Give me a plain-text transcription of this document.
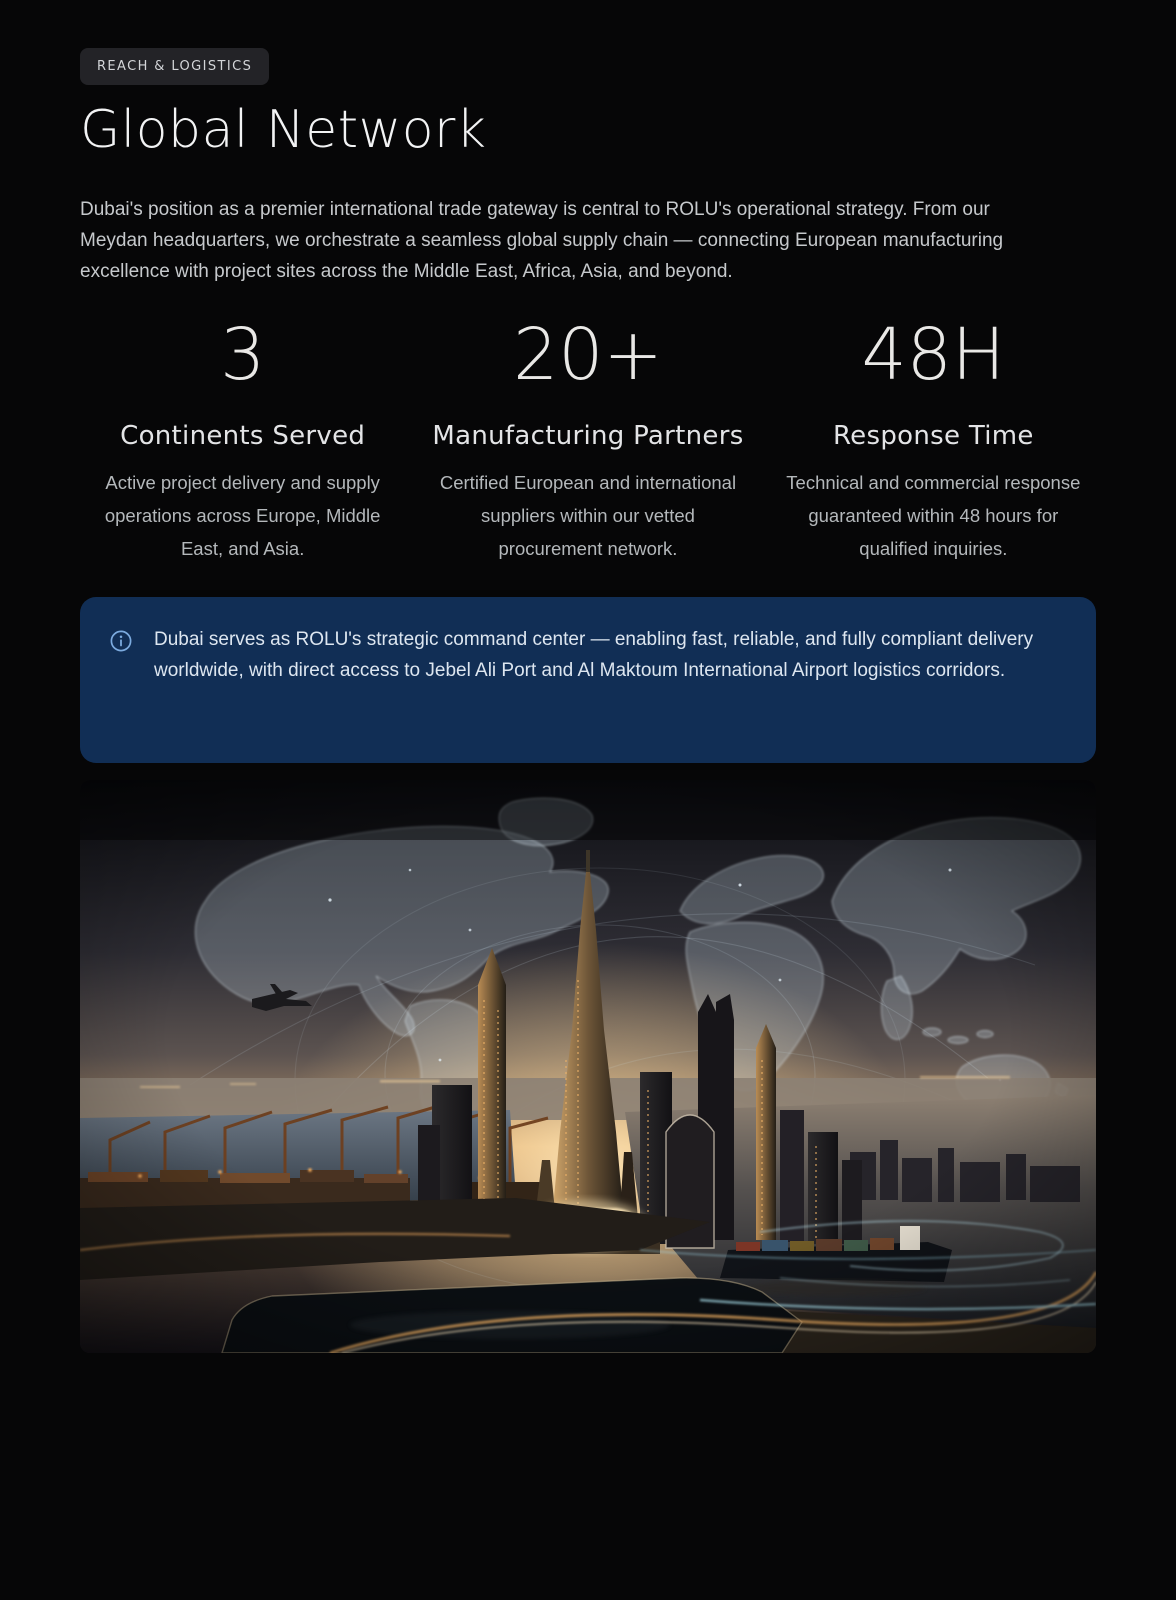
REACH & LOGISTICS
Global Network

Dubai's position as a premier international trade gateway is central to ROLU's operational strategy. From our Meydan headquarters, we orchestrate a seamless global supply chain — connecting European manufacturing excellence with project sites across the Middle East, Africa, Asia, and beyond.

3
Continents Served
Active project delivery and supply operations across Europe, Middle East, and Asia.
20+
Manufacturing Partners
Certified European and international suppliers within our vetted procurement network.
48H
Response Time
Technical and commercial response guaranteed within 48 hours for qualified inquiries.
Dubai serves as ROLU's strategic command center — enabling fast, reliable, and fully compliant delivery worldwide, with direct access to Jebel Ali Port and Al Maktoum International Airport logistics corridors.
